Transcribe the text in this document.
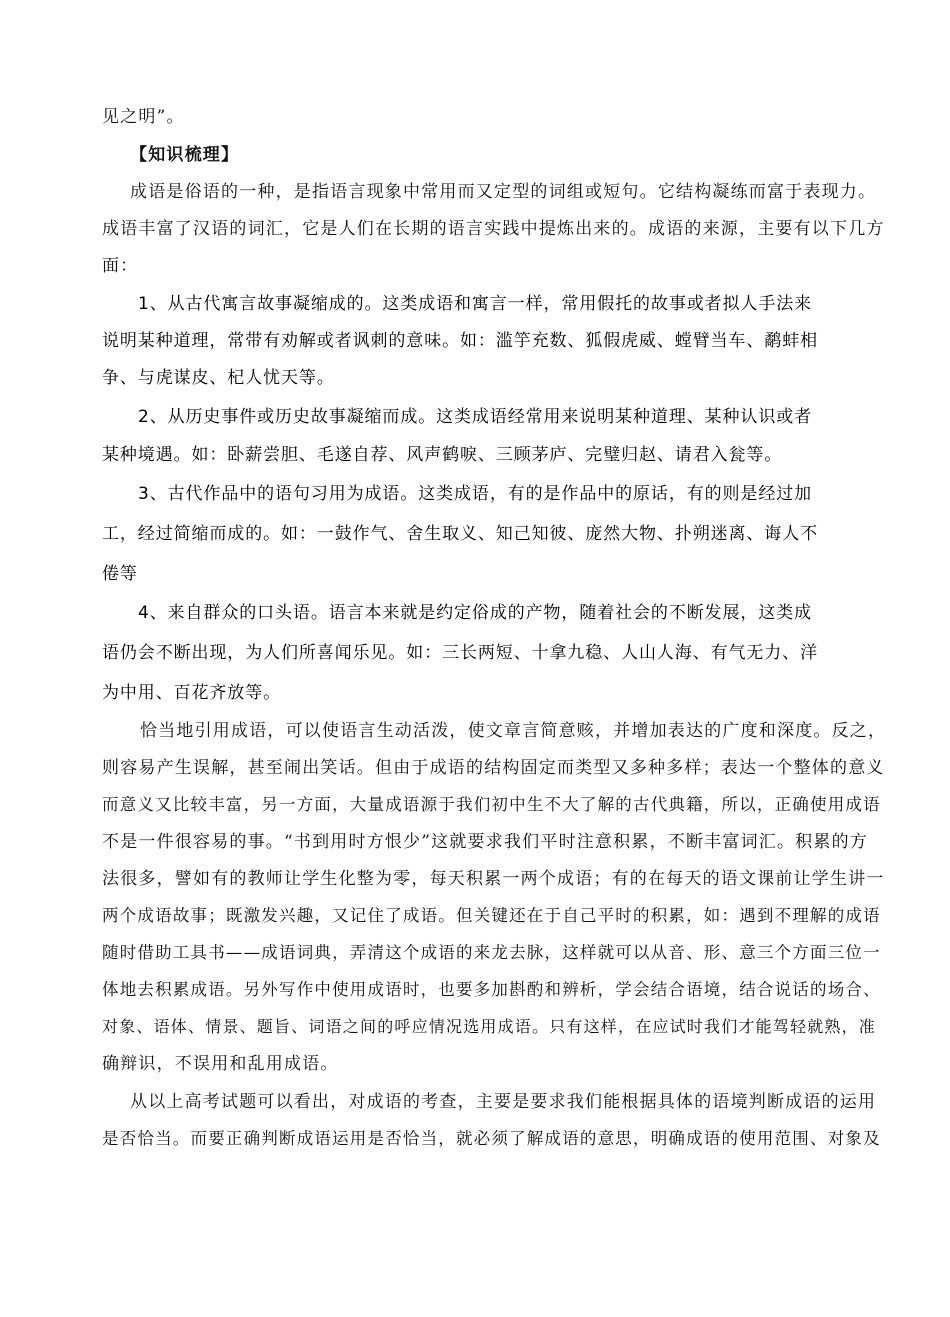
见之明”。
【知识梳理】
成语是俗语的一种，是指语言现象中常用而又定型的词组或短句。它结构凝练而富于表现力。
成语丰富了汉语的词汇，它是人们在长期的语言实践中提炼出来的。成语的来源，主要有以下几方
面：
1、从古代寓言故事凝缩成的。这类成语和寓言一样，常用假托的故事或者拟人手法来
说明某种道理，常带有劝解或者讽刺的意味。如：滥竽充数、狐假虎威、螳臂当车、鹬蚌相
争、与虎谋皮、杞人忧天等。
2、从历史事件或历史故事凝缩而成。这类成语经常用来说明某种道理、某种认识或者
某种境遇。如：卧薪尝胆、毛遂自荐、风声鹤唳、三顾茅庐、完璧归赵、请君入瓮等。
3、古代作品中的语句习用为成语。这类成语，有的是作品中的原话，有的则是经过加
工，经过简缩而成的。如：一鼓作气、舍生取义、知己知彼、庞然大物、扑朔迷离、诲人不
倦等
4、来自群众的口头语。语言本来就是约定俗成的产物，随着社会的不断发展，这类成
语仍会不断出现，为人们所喜闻乐见。如：三长两短、十拿九稳、人山人海、有气无力、洋
为中用、百花齐放等。
恰当地引用成语，可以使语言生动活泼，使文章言简意赅，并增加表达的广度和深度。反之，
则容易产生误解，甚至闹出笑话。但由于成语的结构固定而类型又多种多样；表达一个整体的意义
而意义又比较丰富，另一方面，大量成语源于我们初中生不大了解的古代典籍，所以，正确使用成语
不是一件很容易的事。“书到用时方恨少”这就要求我们平时注意积累，不断丰富词汇。积累的方
法很多，譬如有的教师让学生化整为零，每天积累一两个成语；有的在每天的语文课前让学生讲一
两个成语故事；既激发兴趣，又记住了成语。但关键还在于自己平时的积累，如：遇到不理解的成语
随时借助工具书——成语词典，弄清这个成语的来龙去脉，这样就可以从音、形、意三个方面三位一
体地去积累成语。另外写作中使用成语时，也要多加斟酌和辨析，学会结合语境，结合说话的场合、
对象、语体、情景、题旨、词语之间的呼应情况选用成语。只有这样，在应试时我们才能驾轻就熟，准
确辩识，不误用和乱用成语。
从以上高考试题可以看出，对成语的考查，主要是要求我们能根据具体的语境判断成语的运用
是否恰当。而要正确判断成语运用是否恰当，就必须了解成语的意思，明确成语的使用范围、对象及
